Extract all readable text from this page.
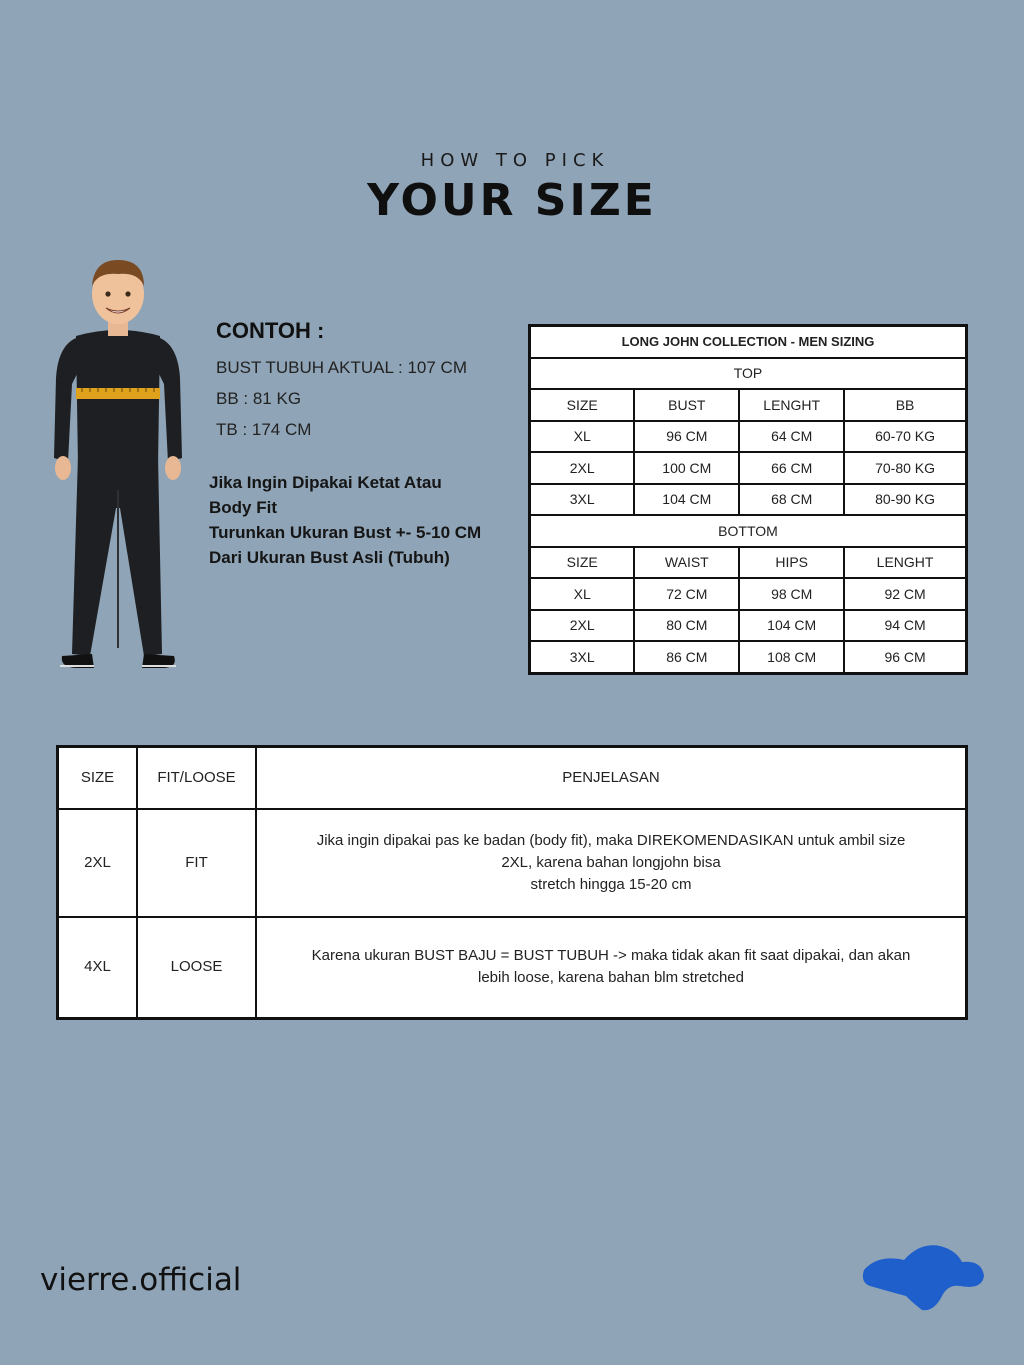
HOW TO PICK
YOUR SIZE
CONTOH :
BUST TUBUH AKTUAL : 107 CM
BB : 81 KG
TB : 174 CM
Jika Ingin Dipakai Ketat Atau
Body Fit
Turunkan Ukuran Bust +- 5-10 CM
Dari Ukuran Bust Asli (Tubuh)
LONG JOHN COLLECTION - MEN SIZING			
TOP			
SIZE	BUST	LENGHT	BB
XL	96 CM	64 CM	60-70 KG
2XL	100 CM	66 CM	70-80 KG
3XL	104 CM	68 CM	80-90 KG
BOTTOM			
SIZE	WAIST	HIPS	LENGHT
XL	72 CM	98 CM	92 CM
2XL	80 CM	104 CM	94 CM
3XL	86 CM	108 CM	96 CM
SIZE	FIT/LOOSE	PENJELASAN
2XL	FIT	Jika ingin dipakai pas ke badan (body fit), maka DIREKOMENDASIKAN untuk ambil size
2XL, karena bahan longjohn bisa
stretch hingga 15-20 cm

4XL	LOOSE	Karena ukuran BUST BAJU = BUST TUBUH -> maka tidak akan fit saat dipakai, dan akan
lebih loose, karena bahan blm stretched
vierre.official
